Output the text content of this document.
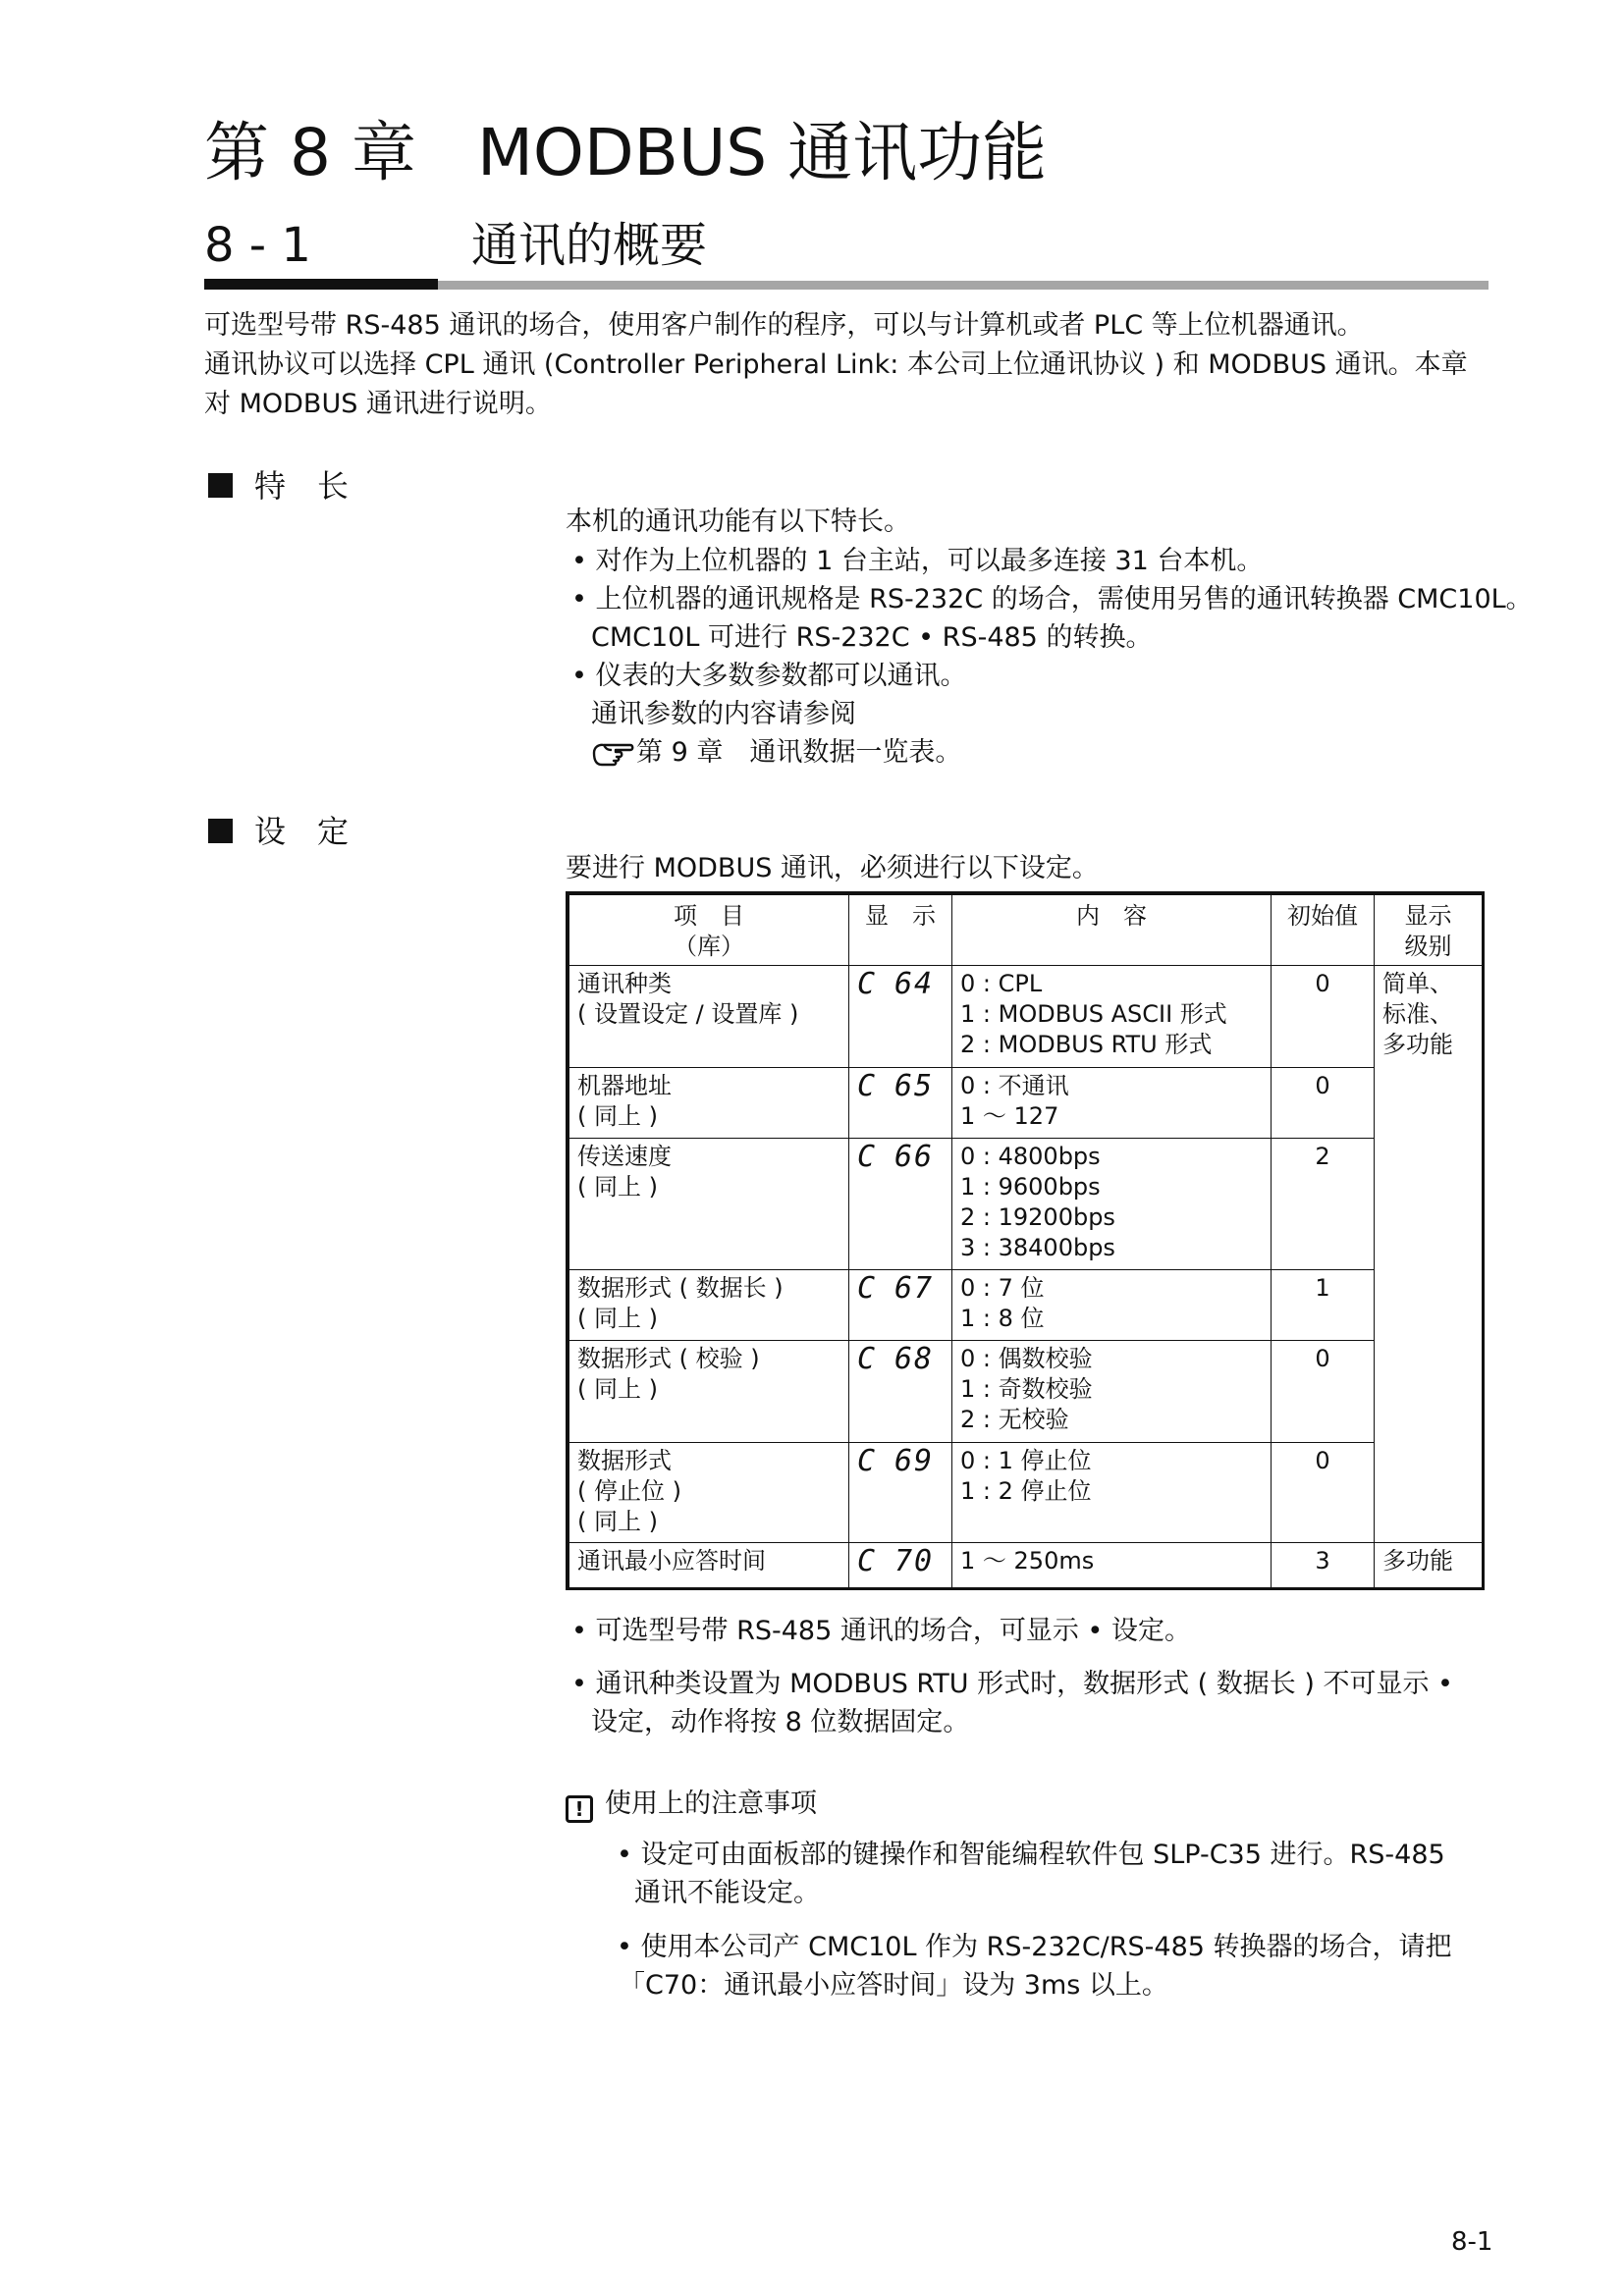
第 8 章 MODBUS 通讯功能
8 - 1	通讯的概要
可选型号带 RS-485 通讯的场合，使用客户制作的程序，可以与计算机或者 PLC 等上位机器通讯。
通讯协议可以选择 CPL 通讯 (Controller Peripheral Link: 本公司上位通讯协议 ) 和 MODBUS 通讯。本章
对 MODBUS 通讯进行说明。
特　长
本机的通讯功能有以下特长。
• 对作为上位机器的 1 台主站，可以最多连接 31 台本机。
• 上位机器的通讯规格是 RS-232C 的场合，需使用另售的通讯转换器 CMC10L。
CMC10L 可进行 RS-232C • RS-485 的转换。
• 仪表的大多数参数都可以通讯。
通讯参数的内容请参阅
第 9 章　通讯数据一览表。
设　定
要进行 MODBUS 通讯，必须进行以下设定。
项　目
（库）	显　示	内　容	初始值	显示
级别
通讯种类
( 设置设定 / 设置库 )	C 64	0 : CPL
1 : MODBUS ASCII 形式
2 : MODBUS RTU 形式	0	简单、
标准、
多功能
机器地址
( 同上 )	C 65	0 : 不通讯
1 ～ 127	0	
传送速度
( 同上 )	C 66	0 : 4800bps
1 : 9600bps
2 : 19200bps
3 : 38400bps	2	
数据形式 ( 数据长 )
( 同上 )	C 67	0 : 7 位
1 : 8 位	1	
数据形式 ( 校验 )
( 同上 )	C 68	0 : 偶数校验
1 : 奇数校验
2 : 无校验	0	
数据形式
( 停止位 )
( 同上 )	C 69	0 : 1 停止位
1 : 2 停止位	0	
通讯最小应答时间	C 70	1 ～ 250ms	3	多功能
• 可选型号带 RS-485 通讯的场合，可显示 • 设定。
• 通讯种类设置为 MODBUS RTU 形式时，数据形式 ( 数据长 ) 不可显示 •
设定，动作将按 8 位数据固定。
! 使用上的注意事项
• 设定可由面板部的键操作和智能编程软件包 SLP-C35 进行。RS-485
通讯不能设定。
• 使用本公司产 CMC10L 作为 RS-232C/RS-485 转换器的场合，请把
「C70：通讯最小应答时间」设为 3ms 以上。
8-1
